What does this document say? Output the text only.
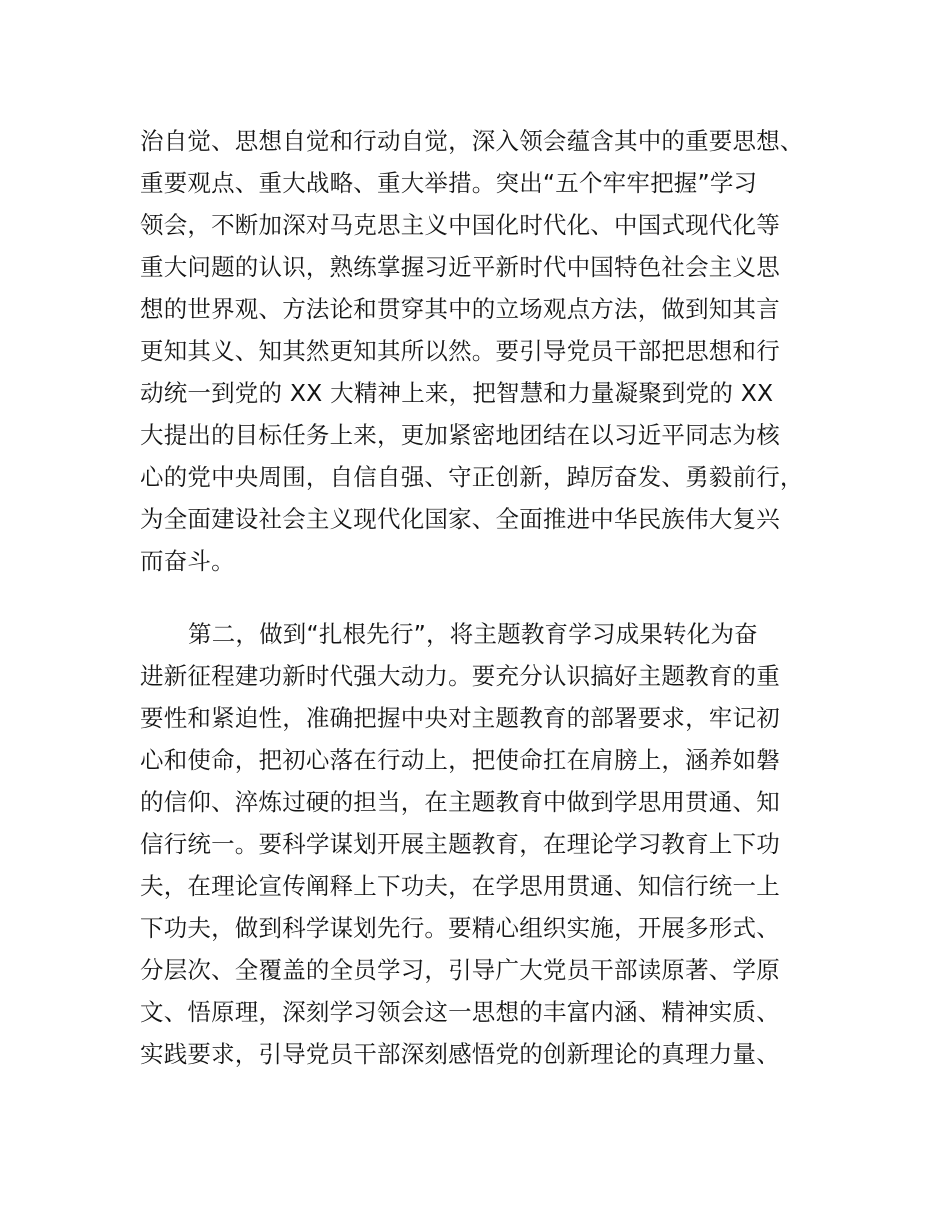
治自觉、思想自觉和行动自觉，深入领会蕴含其中的重要思想、
重要观点、重大战略、重大举措。突出“五个牢牢把握”学习
领会，不断加深对马克思主义中国化时代化、中国式现代化等
重大问题的认识，熟练掌握习近平新时代中国特色社会主义思
想的世界观、方法论和贯穿其中的立场观点方法，做到知其言
更知其义、知其然更知其所以然。要引导党员干部把思想和行
动统一到党的 XX 大精神上来，把智慧和力量凝聚到党的 XX
大提出的目标任务上来，更加紧密地团结在以习近平同志为核
心的党中央周围，自信自强、守正创新，踔厉奋发、勇毅前行，
为全面建设社会主义现代化国家、全面推进中华民族伟大复兴
而奋斗。
第二，做到“扎根先行”，将主题教育学习成果转化为奋
进新征程建功新时代强大动力。要充分认识搞好主题教育的重
要性和紧迫性，准确把握中央对主题教育的部署要求，牢记初
心和使命，把初心落在行动上，把使命扛在肩膀上，涵养如磐
的信仰、淬炼过硬的担当，在主题教育中做到学思用贯通、知
信行统一。要科学谋划开展主题教育，在理论学习教育上下功
夫，在理论宣传阐释上下功夫，在学思用贯通、知信行统一上
下功夫，做到科学谋划先行。要精心组织实施，开展多形式、
分层次、全覆盖的全员学习，引导广大党员干部读原著、学原
文、悟原理，深刻学习领会这一思想的丰富内涵、精神实质、
实践要求，引导党员干部深刻感悟党的创新理论的真理力量、
